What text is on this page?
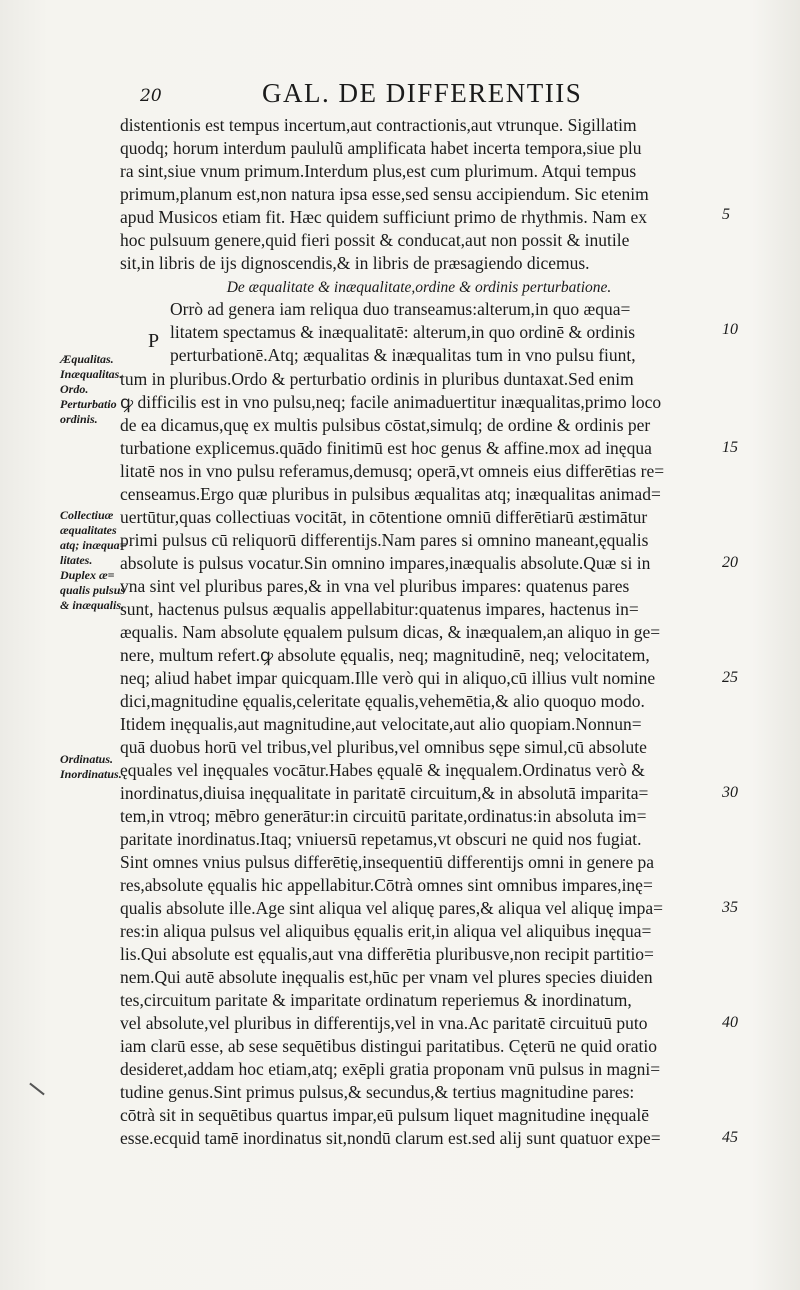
20	GAL. DE DIFFERENTIIS
P
distentionis est tempus incertum,aut contractionis,aut vtrunque. Sigillatim
quodq; horum interdum paululũ amplificata habet incerta tempora,siue plu
ra sint,siue vnum primum.Interdum plus,est cum plurimum. Atqui tempus
primum,planum est,non natura ipsa esse,sed sensu accipiendum. Sic etenim
apud Musicos etiam fit. Hæc quidem sufficiunt primo de rhythmis. Nam ex
hoc pulsuum genere,quid fieri possit & conducat,aut non possit & inutile
sit,in libris de ijs dignoscendis,& in libris de præsagiendo dicemus.
De æqualitate & inæqualitate,ordine & ordinis perturbatione.
Orrò ad genera iam reliqua duo transeamus:alterum,in quo æqua=
litatem spectamus & inæqualitatē: alterum,in quo ordinē & ordinis
perturbationē.Atq; æqualitas & inæqualitas tum in vno pulsu fiunt,
tum in pluribus.Ordo & perturbatio ordinis in pluribus duntaxat.Sed enim
ꝙ difficilis est in vno pulsu,neq; facile animaduertitur inæqualitas,primo loco
de ea dicamus,quę ex multis pulsibus cōstat,simulq; de ordine & ordinis per
turbatione explicemus.quādo finitimū est hoc genus & affine.mox ad inęqua
litatē nos in vno pulsu referamus,demusq; operā,vt omneis eius differētias re=
censeamus.Ergo quæ pluribus in pulsibus æqualitas atq; inæqualitas animad=
uertūtur,quas collectiuas vocitāt, in cōtentione omniū differētiarū æstimātur
primi pulsus cū reliquorū differentijs.Nam pares si omnino maneant,ęqualis
absolute is pulsus vocatur.Sin omnino impares,inæqualis absolute.Quæ si in
vna sint vel pluribus pares,& in vna vel pluribus impares: quatenus pares
sunt, hactenus pulsus æqualis appellabitur:quatenus impares, hactenus in=
æqualis. Nam absolute ęqualem pulsum dicas, & inæqualem,an aliquo in ge=
nere, multum refert.ꝙ absolute ęqualis, neq; magnitudinē, neq; velocitatem,
neq; aliud habet impar quicquam.Ille verò qui in aliquo,cū illius vult nomine
dici,magnitudine ęqualis,celeritate ęqualis,vehemētia,& alio quoquo modo.
Itidem inęqualis,aut magnitudine,aut velocitate,aut alio quopiam.Nonnun=
quā duobus horū vel tribus,vel pluribus,vel omnibus sępe simul,cū absolute
ęquales vel inęquales vocātur.Habes ęqualē & inęqualem.Ordinatus verò &
inordinatus,diuisa inęqualitate in paritatē circuitum,& in absolutā imparita=
tem,in vtroq; mēbro generātur:in circuitū paritate,ordinatus:in absoluta im=
paritate inordinatus.Itaq; vniuersū repetamus,vt obscuri ne quid nos fugiat.
Sint omnes vnius pulsus differētię,insequentiū differentijs omni in genere pa
res,absolute ęqualis hic appellabitur.Cōtrà omnes sint omnibus impares,inę=
qualis absolute ille.Age sint aliqua vel aliquę pares,& aliqua vel aliquę impa=
res:in aliqua pulsus vel aliquibus ęqualis erit,in aliqua vel aliquibus inęqua=
lis.Qui absolute est ęqualis,aut vna differētia pluribusve,non recipit partitio=
nem.Qui autē absolute inęqualis est,hūc per vnam vel plures species diuiden
tes,circuitum paritate & imparitate ordinatum reperiemus & inordinatum,
vel absolute,vel pluribus in differentijs,vel in vna.Ac paritatē circuituū puto
iam clarū esse, ab sese sequētibus distingui paritatibus. Cęterū ne quid oratio
desideret,addam hoc etiam,atq; exēpli gratia proponam vnū pulsus in magni=
tudine genus.Sint primus pulsus,& secundus,& tertius magnitudine pares:
cōtrà sit in sequētibus quartus impar,eū pulsum liquet magnitudine inęqualē
esse.ecquid tamē inordinatus sit,nondū clarum est.sed alij sunt quatuor expe=
Æqualitas.
Inæqualitas.
Ordo.
Perturbatio
ordinis.
Collectiuæ
æqualitates
atq; inæqua=
litates.
Duplex æ=
qualis pulsus
& inæqualis.
Ordinatus.
Inordinatus.
5
10
15
20
25
30
35
40
45
